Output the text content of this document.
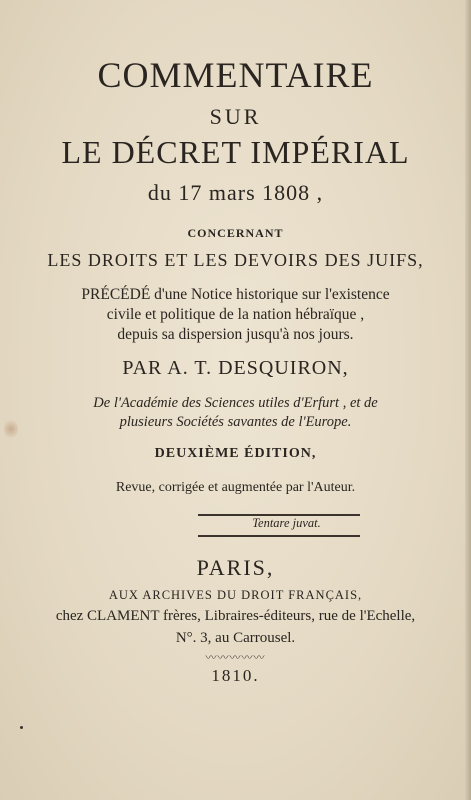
COMMENTAIRE
SUR
LE DÉCRET IMPÉRIAL
du 17 mars 1808 ,
CONCERNANT
LES DROITS ET LES DEVOIRS DES JUIFS,
PRÉCÉDÉ d'une Notice historique sur l'existence
civile et politique de la nation hébraïque ,
depuis sa dispersion jusqu'à nos jours.
PAR A. T. DESQUIRON,
De l'Académie des Sciences utiles d'Erfurt , et de
plusieurs Sociétés savantes de l'Europe.
DEUXIÈME ÉDITION,
Revue, corrigée et augmentée par l'Auteur.
Tentare juvat.
PARIS,
AUX ARCHIVES DU DROIT FRANÇAIS,
chez CLAMENT frères, Libraires-éditeurs, rue de l'Echelle,
N°. 3, au Carrousel.
〰〰〰〰〰
1810.
